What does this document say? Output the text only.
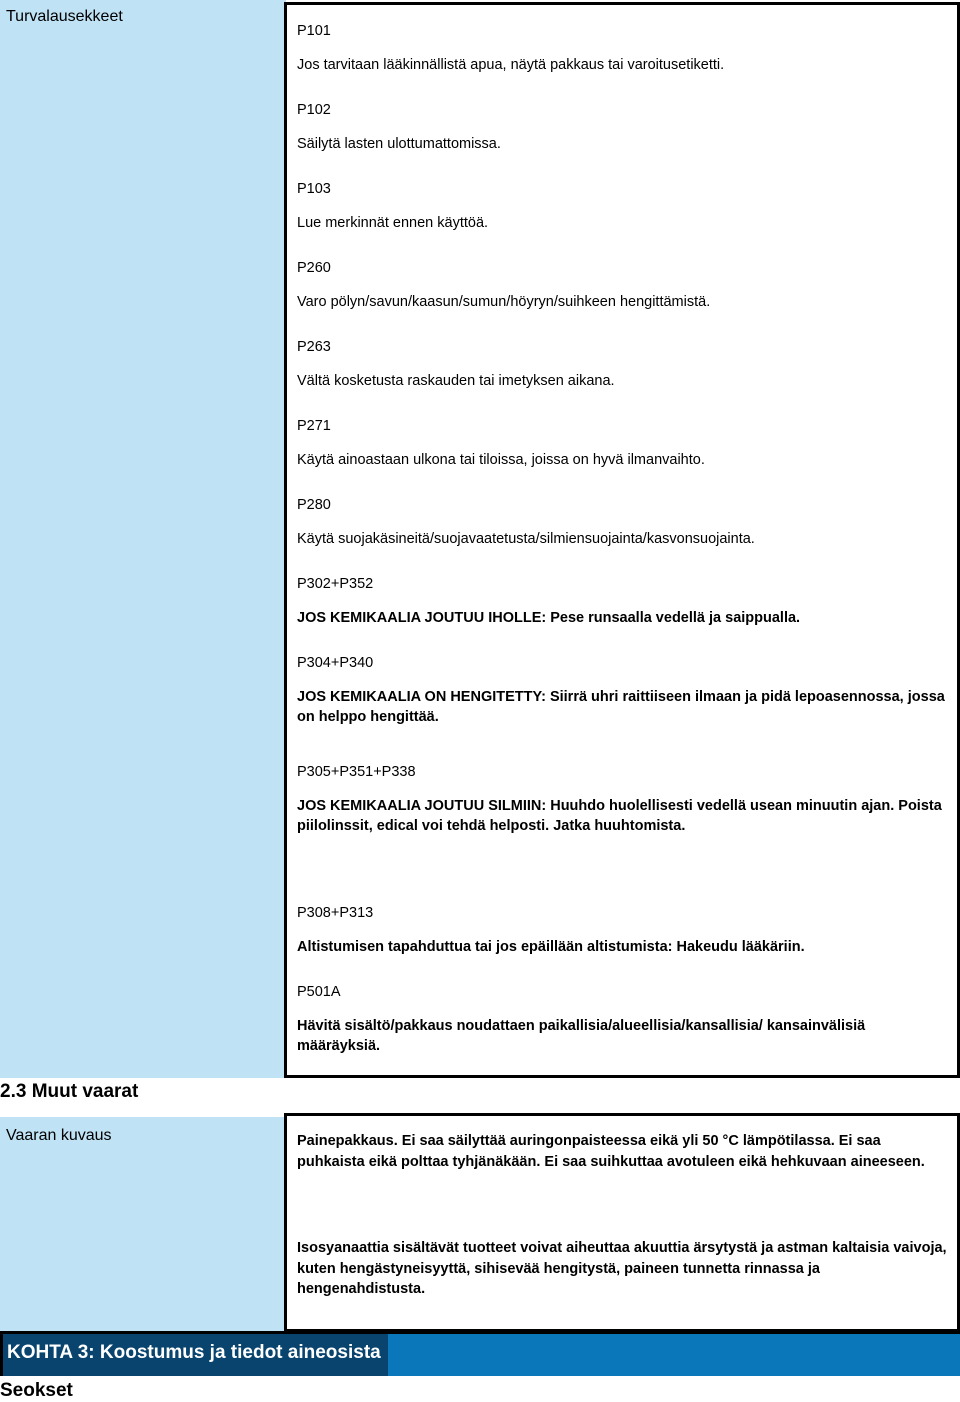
Turvalausekkeet
P101
Jos tarvitaan lääkinnällistä apua, näytä pakkaus tai varoitusetiketti.
P102
Säilytä lasten ulottumattomissa.
P103
Lue merkinnät ennen käyttöä.
P260
Varo pölyn/savun/kaasun/sumun/höyryn/suihkeen hengittämistä.
P263
Vältä kosketusta raskauden tai imetyksen aikana.
P271
Käytä ainoastaan ulkona tai tiloissa, joissa on hyvä ilmanvaihto.
P280
Käytä suojakäsineitä/suojavaatetusta/silmiensuojainta/kasvonsuojainta.
P302+P352
JOS KEMIKAALIA JOUTUU IHOLLE: Pese runsaalla vedellä ja saippualla.
P304+P340
JOS KEMIKAALIA ON HENGITETTY: Siirrä uhri raittiiseen ilmaan ja pidä lepoasennossa, jossa on helppo hengittää.
P305+P351+P338
JOS KEMIKAALIA JOUTUU SILMIIN: Huuhdo huolellisesti vedellä usean minuutin ajan. Poista piilolinssit, edical voi tehdä helposti. Jatka huuhtomista.
P308+P313
Altistumisen tapahduttua tai jos epäillään altistumista: Hakeudu lääkäriin.
P501A
Hävitä sisältö/pakkaus noudattaen paikallisia/alueellisia/kansallisia/ kansainvälisiä määräyksiä.
2.3 Muut vaarat
Vaaran kuvaus	Painepakkaus. Ei saa säilyttää auringonpaisteessa eikä yli 50 °C lämpötilassa. Ei saa puhkaista eikä polttaa tyhjänäkään. Ei saa suihkuttaa avotuleen eikä hehkuvaan aineeseen.
Isosyanaattia sisältävät tuotteet voivat aiheuttaa akuuttia ärsytystä ja astman kaltaisia vaivoja, kuten hengästyneisyyttä, sihisevää hengitystä, paineen tunnetta rinnassa ja hengenahdistusta.
KOHTA 3: Koostumus ja tiedot aineosista
Seokset
